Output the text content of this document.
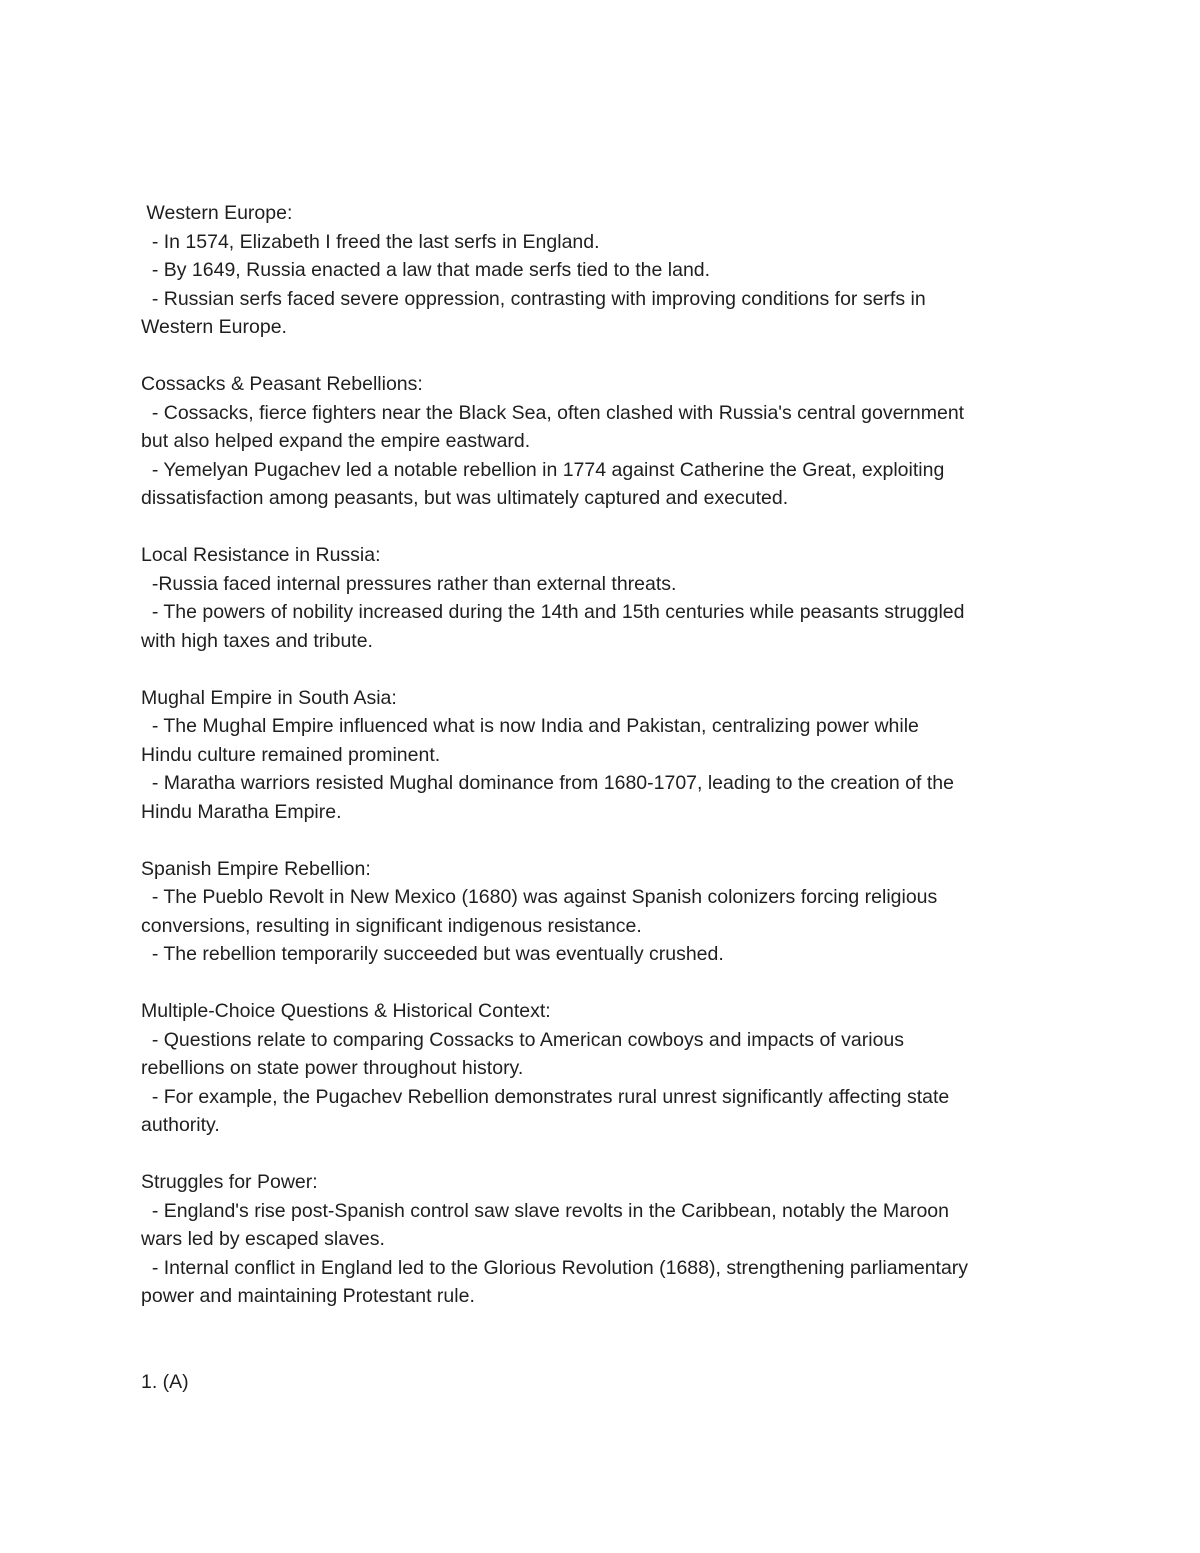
Western Europe:
- In 1574, Elizabeth I freed the last serfs in England.
- By 1649, Russia enacted a law that made serfs tied to the land.
- Russian serfs faced severe oppression, contrasting with improving conditions for serfs in
Western Europe.
Cossacks & Peasant Rebellions:
- Cossacks, fierce fighters near the Black Sea, often clashed with Russia's central government
but also helped expand the empire eastward.
- Yemelyan Pugachev led a notable rebellion in 1774 against Catherine the Great, exploiting
dissatisfaction among peasants, but was ultimately captured and executed.
Local Resistance in Russia:
-Russia faced internal pressures rather than external threats.
- The powers of nobility increased during the 14th and 15th centuries while peasants struggled
with high taxes and tribute.
Mughal Empire in South Asia:
- The Mughal Empire influenced what is now India and Pakistan, centralizing power while
Hindu culture remained prominent.
- Maratha warriors resisted Mughal dominance from 1680-1707, leading to the creation of the
Hindu Maratha Empire.
Spanish Empire Rebellion:
- The Pueblo Revolt in New Mexico (1680) was against Spanish colonizers forcing religious
conversions, resulting in significant indigenous resistance.
- The rebellion temporarily succeeded but was eventually crushed.
Multiple-Choice Questions & Historical Context:
- Questions relate to comparing Cossacks to American cowboys and impacts of various
rebellions on state power throughout history.
- For example, the Pugachev Rebellion demonstrates rural unrest significantly affecting state
authority.
Struggles for Power:
- England's rise post-Spanish control saw slave revolts in the Caribbean, notably the Maroon
wars led by escaped slaves.
- Internal conflict in England led to the Glorious Revolution (1688), strengthening parliamentary
power and maintaining Protestant rule.
1. (A)
